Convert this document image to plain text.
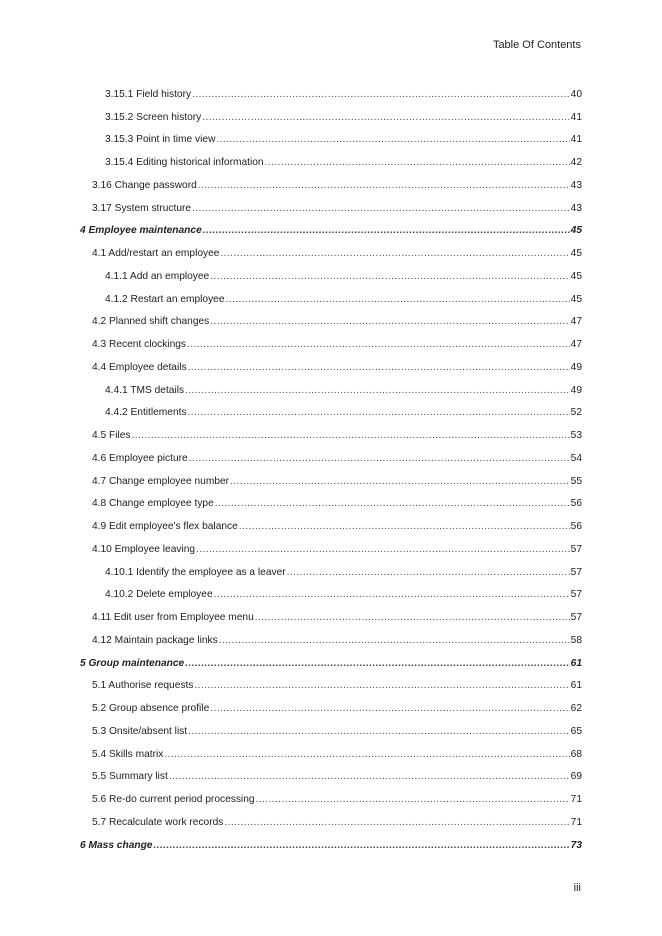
Table Of Contents
3.15.1 Field history .....	40
3.15.2 Screen history .....	41
3.15.3 Point in time view .....	41
3.15.4 Editing historical information .....	42
3.16 Change password .....	43
3.17 System structure .....	43
4 Employee maintenance .....	45
4.1 Add/restart an employee .....	45
4.1.1 Add an employee .....	45
4.1.2 Restart an employee .....	45
4.2 Planned shift changes .....	47
4.3 Recent clockings .....	47
4.4 Employee details .....	49
4.4.1 TMS details .....	49
4.4.2 Entitlements .....	52
4.5 Files .....	53
4.6 Employee picture .....	54
4.7 Change employee number .....	55
4.8 Change employee type .....	56
4.9 Edit employee's flex balance .....	56
4.10 Employee leaving .....	57
4.10.1 Identify the employee as a leaver .....	57
4.10.2 Delete employee .....	57
4.11 Edit user from Employee menu .....	57
4.12 Maintain package links .....	58
5 Group maintenance .....	61
5.1 Authorise requests .....	61
5.2 Group absence profile .....	62
5.3 Onsite/absent list .....	65
5.4 Skills matrix .....	68
5.5 Summary list .....	69
5.6 Re-do current period processing .....	71
5.7 Recalculate work records .....	71
6 Mass change .....	73
iii
